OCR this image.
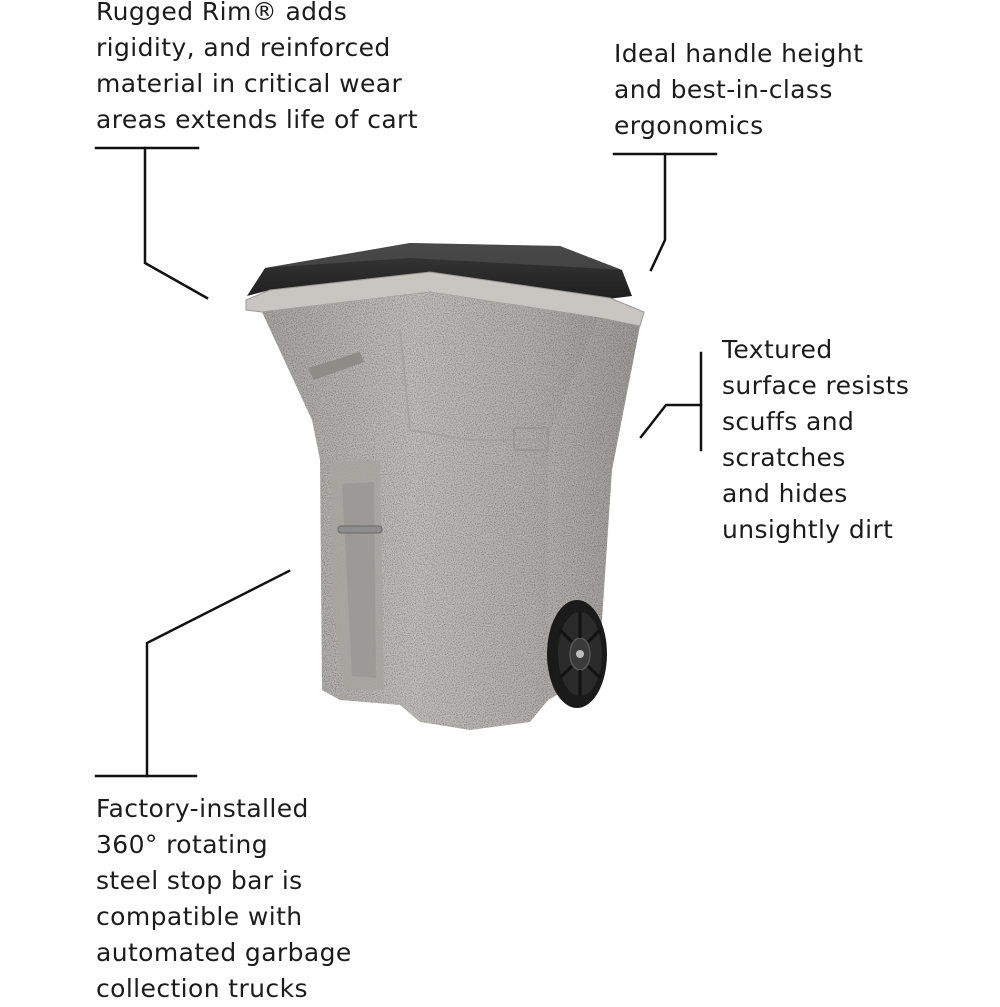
Rugged Rim® adds
rigidity, and reinforced
material in critical wear
areas extends life of cart

Ideal handle height
and best-in-class
ergonomics

Textured
surface resists
scuffs and
scratches
and hides
unsightly dirt

Factory-installed
360° rotating
steel stop bar is
compatible with
automated garbage
collection trucks
